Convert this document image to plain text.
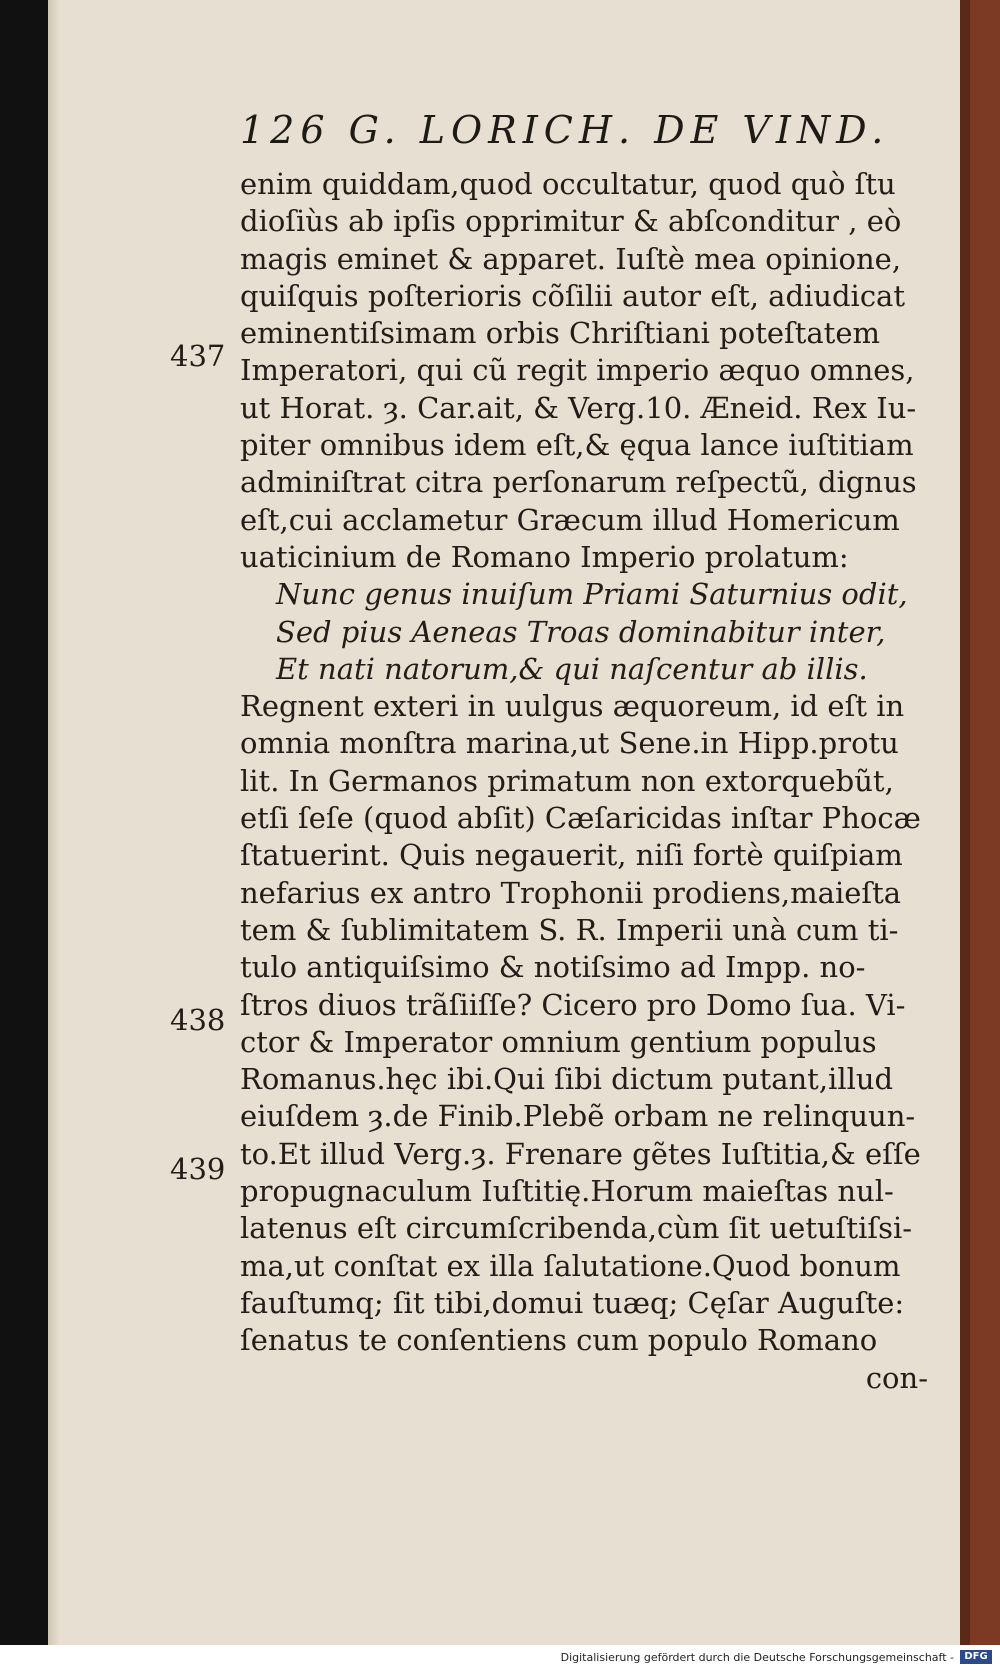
126 G. LORICH. DE VIND.
437
438
439
enim quiddam,quod occultatur, quod quò ſtu
dioſiùs ab ipſis opprimitur & abſconditur , eò
magis eminet & apparet. Iuſtè mea opinione,
quiſquis poſterioris cõſilii autor eſt, adiudicat
eminentiſsimam orbis Chriſtiani poteſtatem
Imperatori, qui cũ regit imperio æquo omnes,
ut Horat. ȝ. Car.ait, & Verg.10. Æneid. Rex Iu-
piter omnibus idem eſt,& ęqua lance iuſtitiam
adminiſtrat citra perſonarum reſpectũ, dignus
eſt,cui acclametur Græcum illud Homericum
uaticinium de Romano Imperio prolatum:
Nunc genus inuiſum Priami Saturnius odit,
Sed pius Aeneas Troas dominabitur inter,
Et nati natorum,& qui naſcentur ab illis.
Regnent exteri in uulgus æquoreum, id eſt in
omnia monſtra marina,ut Sene.in Hipp.protu
lit. In Germanos primatum non extorquebũt,
etſi ſeſe (quod abſit) Cæſaricidas inſtar Phocæ
ſtatuerint. Quis negauerit, niſi fortè quiſpiam
nefarius ex antro Trophonii prodiens,maieſta
tem & ſublimitatem S. R. Imperii unà cum ti-
tulo antiquiſsimo & notiſsimo ad Impp. no-
ſtros diuos trãſiiſſe? Cicero pro Domo ſua. Vi-
ctor & Imperator omnium gentium populus
Romanus.hęc ibi.Qui ſibi dictum putant,illud
eiuſdem ȝ.de Finib.Plebẽ orbam ne relinquun-
to.Et illud Verg.ȝ. Frenare gẽtes Iuſtitia,& eſſe
propugnaculum Iuſtitię.Horum maieſtas nul-
latenus eſt circumſcribenda,cùm ſit uetuſtiſsi-
ma,ut conſtat ex illa ſalutatione.Quod bonum
fauſtumq; ſit tibi,domui tuæq; Cęſar Auguſte:
ſenatus te conſentiens cum populo Romano
con-
Digitalisierung gefördert durch die Deutsche Forschungsgemeinschaft -	DFG
